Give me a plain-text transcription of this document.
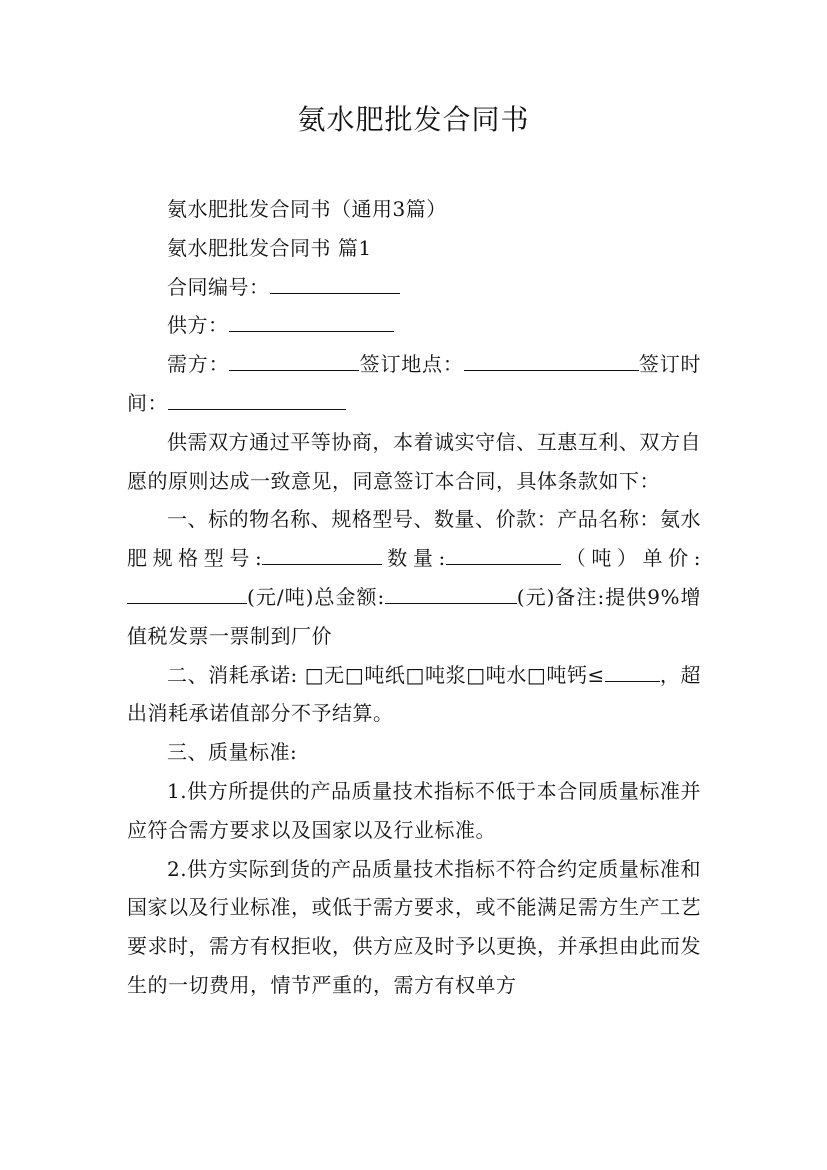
氨水肥批发合同书

氨水肥批发合同书（通用3篇）

氨水肥批发合同书 篇1

合同编号：

供方：

需方：	签订地点：	签订时间：

供需双方通过平等协商，本着诚实守信、互惠互利、双方自愿的原则达成一致意见，同意签订本合同，具体条款如下：

一、标的物名称、规格型号、数量、价款：产品名称：氨水肥规格型号:	数量:	（吨）单价:(元/吨)总金额:	(元)备注:提供9%增值税发票一票制到厂价

二、消耗承诺: □无□吨纸□吨浆□吨水□吨钙≤	，超出消耗承诺值部分不予结算。

三、质量标准:

1.供方所提供的产品质量技术指标不低于本合同质量标准并应符合需方要求以及国家以及行业标准。

2.供方实际到货的产品质量技术指标不符合约定质量标准和国家以及行业标准，或低于需方要求，或不能满足需方生产工艺要求时，需方有权拒收，供方应及时予以更换，并承担由此而发生的一切费用，情节严重的，需方有权单方
